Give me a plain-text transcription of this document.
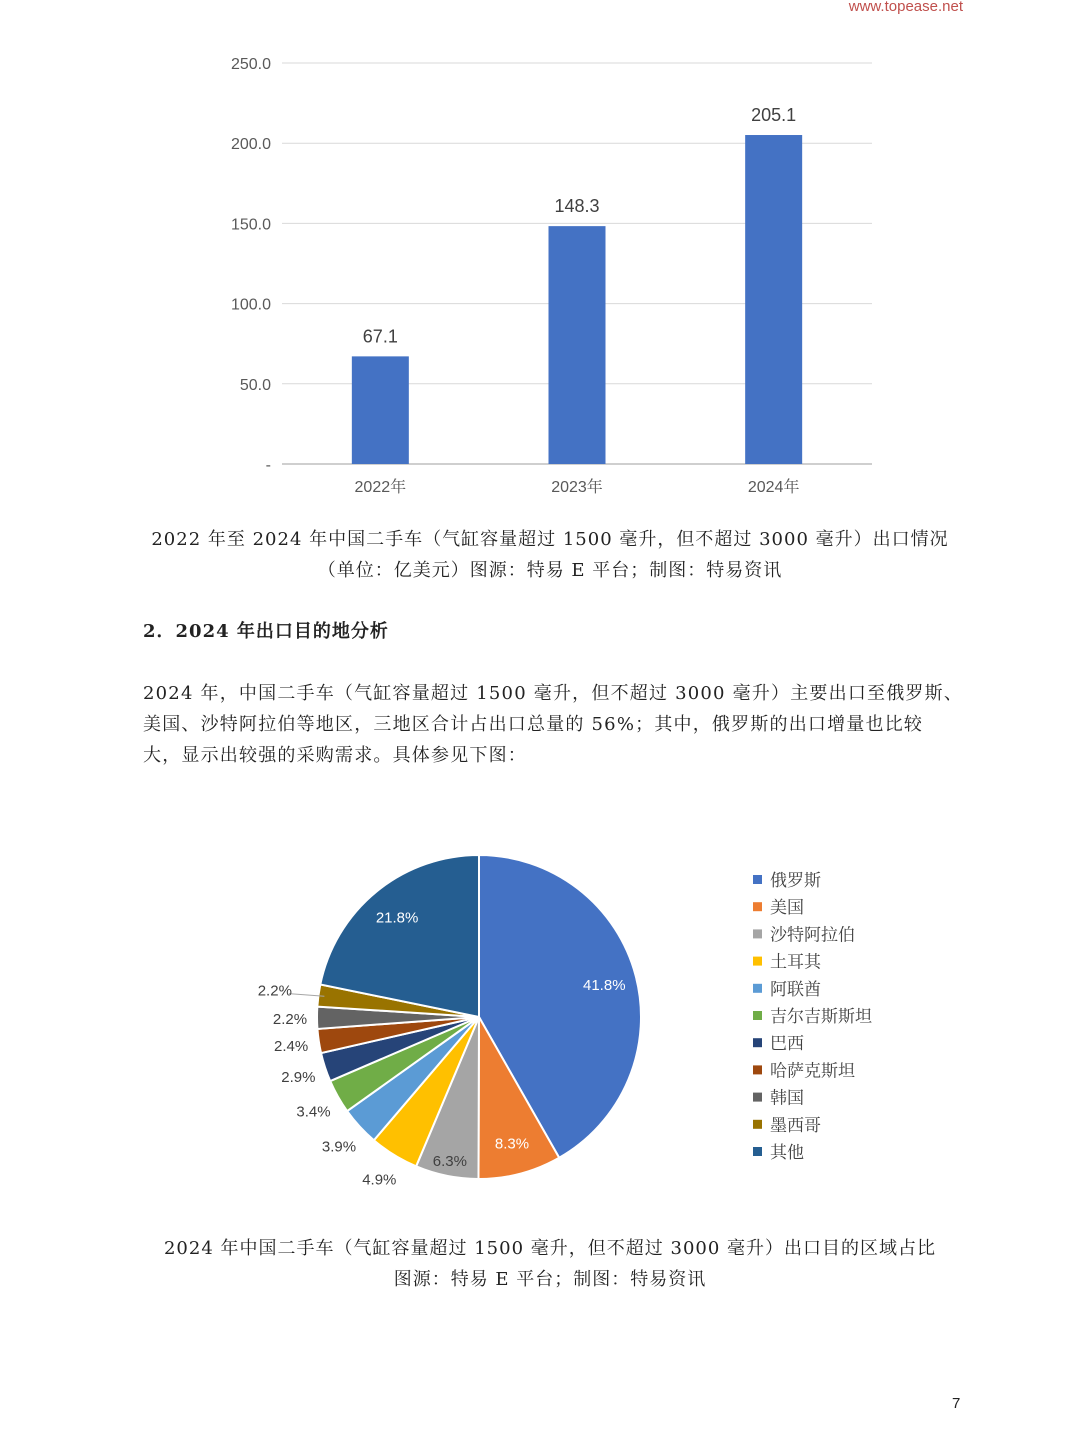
www.topease.net
-
50.0
100.0
150.0
200.0
250.0
67.1
2022年
148.3
2023年
205.1
2024年
2022 年至 2024 年中国二手车（气缸容量超过 1500 毫升，但不超过 3000 毫升）出口情况
（单位：亿美元）图源：特易 E 平台；制图：特易资讯
2．2024 年出口目的地分析
2024 年，中国二手车（气缸容量超过 1500 毫升，但不超过 3000 毫升）主要出口至俄罗斯、
美国、沙特阿拉伯等地区，三地区合计占出口总量的 56%；其中，俄罗斯的出口增量也比较
大，显示出较强的采购需求。具体参见下图：
41.8%
8.3%
6.3%
4.9%
3.9%
3.4%
2.9%
2.4%
2.2%
2.2%
21.8%
俄罗斯
美国
沙特阿拉伯
土耳其
阿联酋
吉尔吉斯斯坦
巴西
哈萨克斯坦
韩国
墨西哥
其他
2024 年中国二手车（气缸容量超过 1500 毫升，但不超过 3000 毫升）出口目的区域占比
图源：特易 E 平台；制图：特易资讯
7
